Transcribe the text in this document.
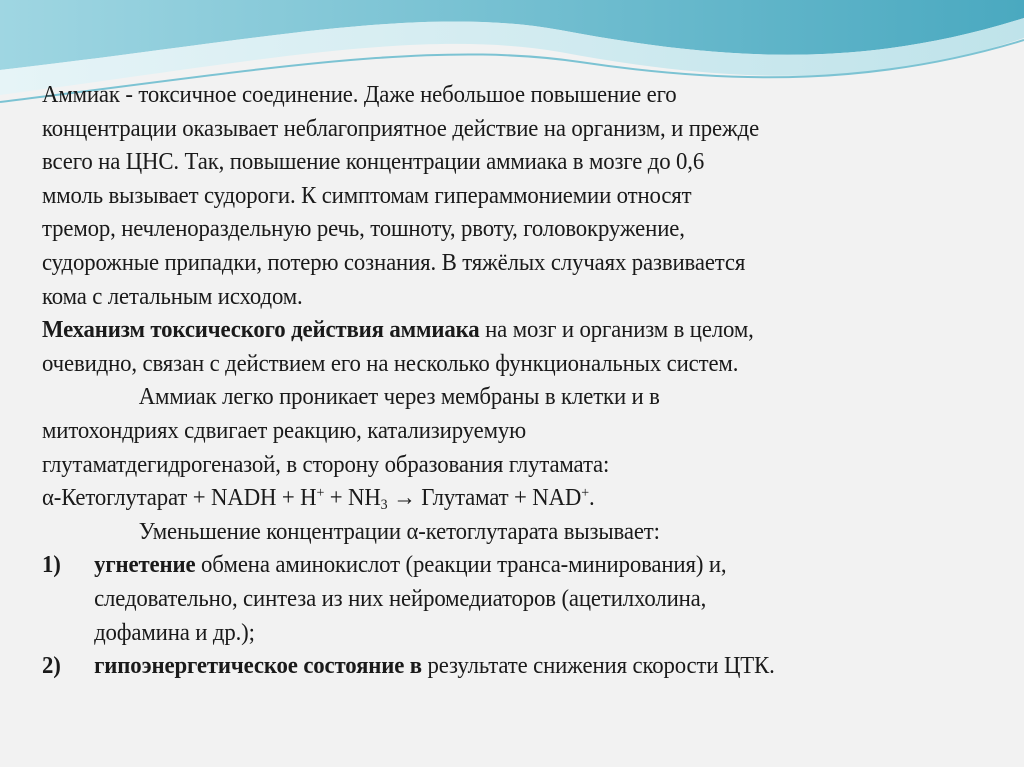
Аммиак - токсичное соединение. Даже небольшое повышение его

концентрации оказывает неблагоприятное действие на организм, и прежде

всего на ЦНС. Так, повышение концентрации аммиака в мозге до 0,6

ммоль вызывает судороги. К симптомам гипераммониемии относят

тремор, нечленораздельную речь, тошноту, рвоту, головокружение,

судорожные припадки, потерю сознания. В тяжёлых случаях развивается

кома с летальным исходом.

Механизм токсического действия аммиака на мозг и организм в целом,

очевидно, связан с действием его на несколько функциональных систем.

Аммиак легко проникает через мембраны в клетки и в

митохондриях сдвигает реакцию, катализируемую

глутаматдегидрогеназой, в сторону образования глутамата:

α-Кетоглутарат + NADH + $H^+ + NH_3$ → Глутамат + NAD+.

Уменьшение концентрации α-кетоглутарата вызывает:

1)	угнетение обмена аминокислот (реакции транса-минирования) и,

следовательно, синтеза из них нейромедиаторов (ацетилхолина,

дофамина и др.);

2)	гипоэнергетическое состояние в результате снижения скорости ЦТК.
